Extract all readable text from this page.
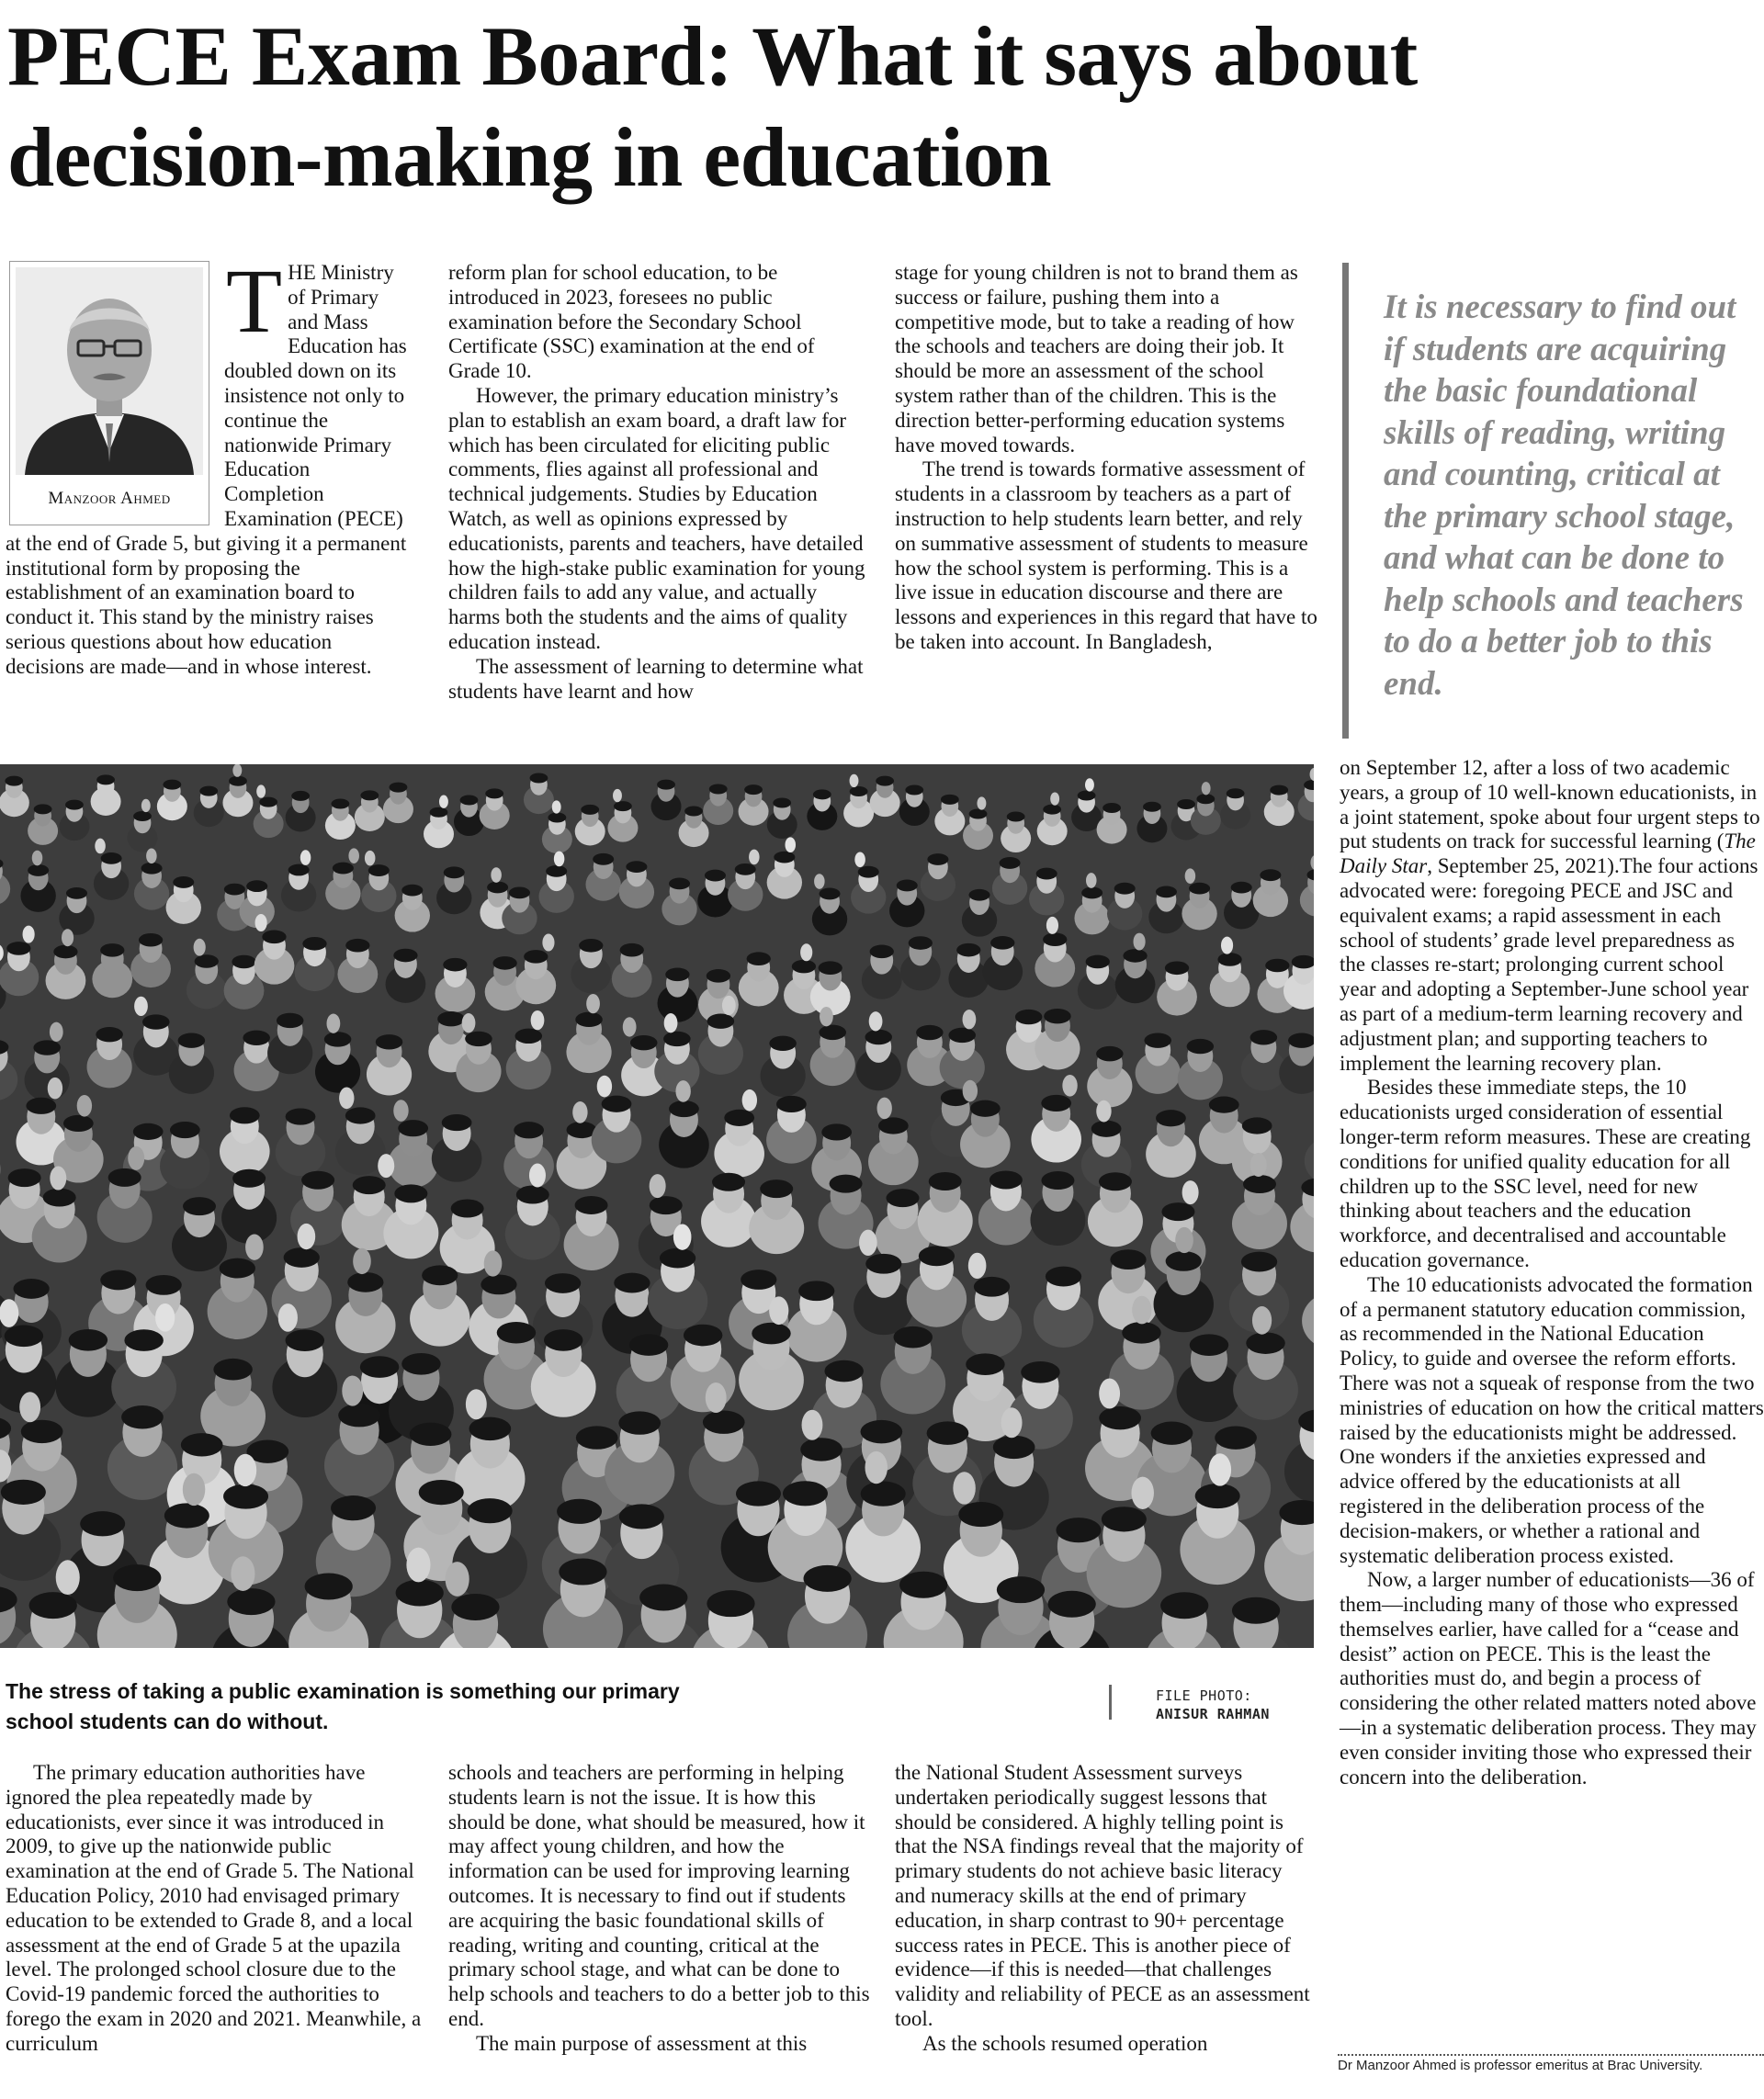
PECE Exam Board: What it says about decision-making in education
Manzoor Ahmed
T HE Ministry of Primary and Mass Education has doubled down on its insistence not only to continue the nationwide Primary Education Completion Examination (PECE) at the end of Grade 5, but giving it a permanent institutional form by proposing the establishment of an examination board to conduct it. This stand by the ministry raises serious questions about how education decisions are made—and in whose interest.

reform plan for school education, to be introduced in 2023, foresees no public examination before the Secondary School Certificate (SSC) examination at the end of Grade 10.

However, the primary education ministry’s plan to establish an exam board, a draft law for which has been circulated for eliciting public comments, flies against all professional and technical judgements. Studies by Education Watch, as well as opinions expressed by educationists, parents and teachers, have detailed how the high-stake public examination for young children fails to add any value, and actually harms both the students and the aims of quality education instead.

The assessment of learning to determine what students have learnt and how

stage for young children is not to brand them as success or failure, pushing them into a competitive mode, but to take a reading of how the schools and teachers are doing their job. It should be more an assessment of the school system rather than of the children. This is the direction better-performing education systems have moved towards.

The trend is towards formative assessment of students in a classroom by teachers as a part of instruction to help students learn better, and rely on summative assessment of students to measure how the school system is performing. This is a live issue in education discourse and there are lessons and experiences in this regard that have to be taken into account. In Bangladesh,

It is necessary to find out if students are acquiring the basic foundational skills of reading, writing and counting, critical at the primary school stage, and what can be done to help schools and teachers to do a better job to this end.

The stress of taking a public examination is something our primary school students can do without.

FILE PHOTO:
ANISUR RAHMAN

on September 12, after a loss of two academic years, a group of 10 well-known educationists, in a joint statement, spoke about four urgent steps to put students on track for successful learning (The Daily Star, September 25, 2021).The four actions advocated were: foregoing PECE and JSC and equivalent exams; a rapid assessment in each school of students’ grade level preparedness as the classes re-start; prolonging current school year and adopting a September-June school year as part of a medium-term learning recovery and adjustment plan; and supporting teachers to implement the learning recovery plan.

Besides these immediate steps, the 10 educationists urged consideration of essential longer-term reform measures. These are creating conditions for unified quality education for all children up to the SSC level, need for new thinking about teachers and the education workforce, and decentralised and accountable education governance.

The 10 educationists advocated the formation of a permanent statutory education commission, as recommended in the National Education Policy, to guide and oversee the reform efforts. There was not a squeak of response from the two ministries of education on how the critical matters raised by the educationists might be addressed. One wonders if the anxieties expressed and advice offered by the educationists at all registered in the deliberation process of the decision-makers, or whether a rational and systematic deliberation process existed.

Now, a larger number of educationists—36 of them—including many of those who expressed themselves earlier, have called for a “cease and desist” action on PECE. This is the least the authorities must do, and begin a process of considering the other related matters noted above—in a systematic deliberation process. They may even consider inviting those who expressed their concern into the deliberation.

The primary education authorities have ignored the plea repeatedly made by educationists, ever since it was introduced in 2009, to give up the nationwide public examination at the end of Grade 5. The National Education Policy, 2010 had envisaged primary education to be extended to Grade 8, and a local assessment at the end of Grade 5 at the upazila level. The prolonged school closure due to the Covid-19 pandemic forced the authorities to forego the exam in 2020 and 2021. Meanwhile, a curriculum

schools and teachers are performing in helping students learn is not the issue. It is how this should be done, what should be measured, how it may affect young children, and how the information can be used for improving learning outcomes. It is necessary to find out if students are acquiring the basic foundational skills of reading, writing and counting, critical at the primary school stage, and what can be done to help schools and teachers to do a better job to this end.

The main purpose of assessment at this

the National Student Assessment surveys undertaken periodically suggest lessons that should be considered. A highly telling point is that the NSA findings reveal that the majority of primary students do not achieve basic literacy and numeracy skills at the end of primary education, in sharp contrast to 90+ percentage success rates in PECE. This is another piece of evidence—if this is needed—that challenges validity and reliability of PECE as an assessment tool.

As the schools resumed operation

Dr Manzoor Ahmed is professor emeritus at Brac University.
